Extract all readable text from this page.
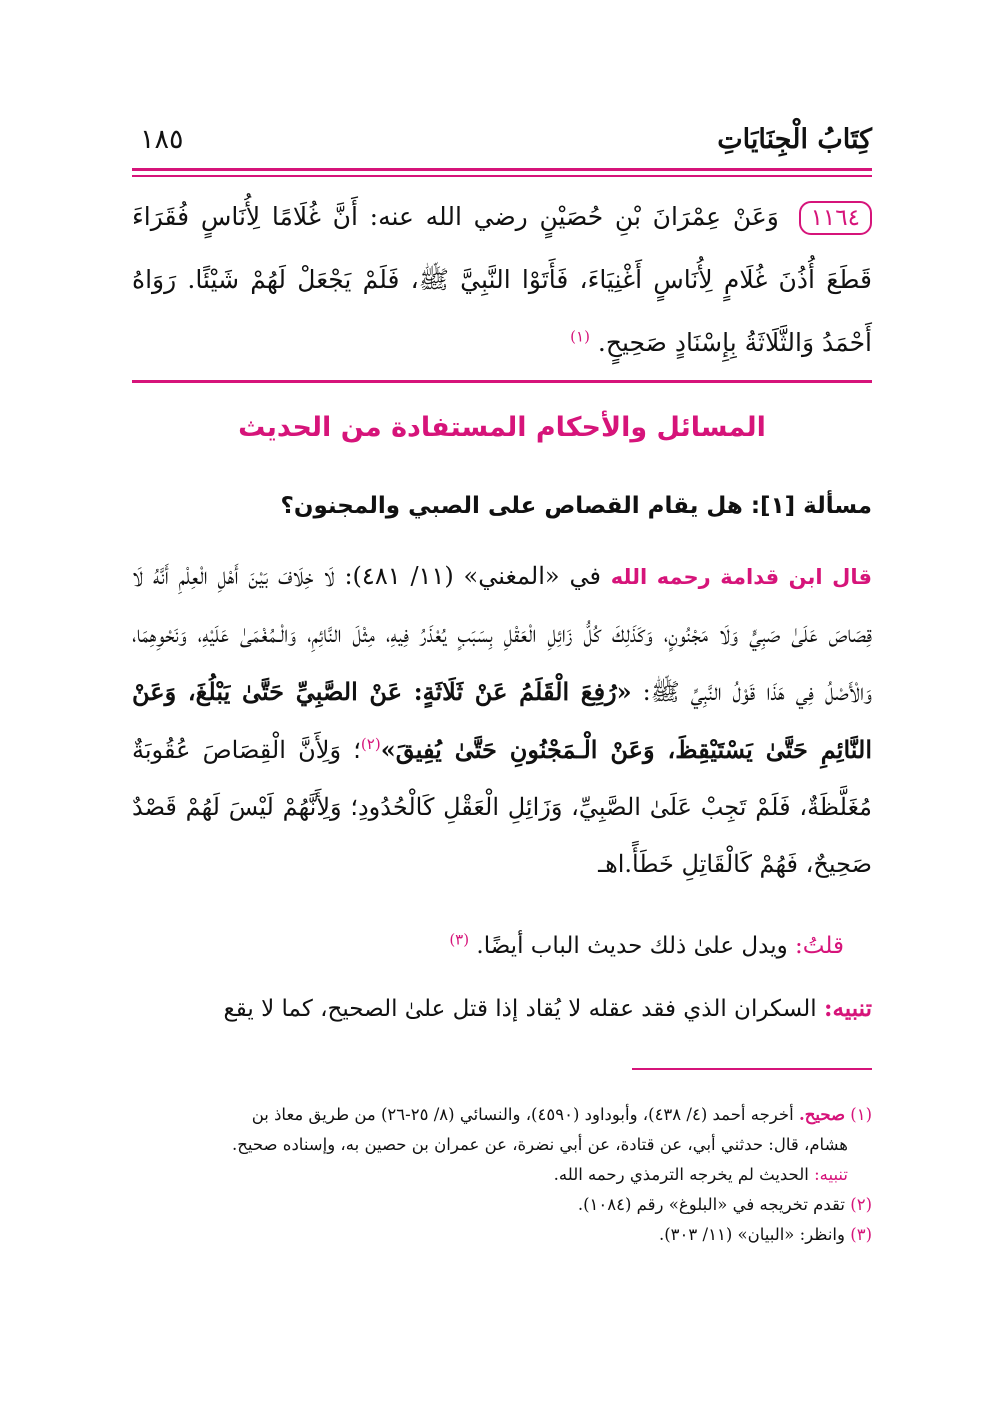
كِتَابُ الْجِنَايَاتِ
١٨٥
١١٦٤ وَعَنْ عِمْرَانَ بْنِ حُصَيْنٍ رضي الله عنه: أَنَّ غُلَامًا لِأُنَاسٍ فُقَرَاءَ قَطَعَ أُذُنَ غُلَامٍ لِأُنَاسٍ أَغْنِيَاءَ، فَأَتَوْا النَّبِيَّ ﷺ، فَلَمْ يَجْعَلْ لَهُمْ شَيْئًا. رَوَاهُ أَحْمَدُ وَالثَّلَاثَةُ بِإِسْنَادٍ صَحِيحٍ. $^{(١)}$
المسائل والأحكام المستفادة من الحديث
مسألة [١]: هل يقام القصاص على الصبي والمجنون؟
قال ابن قدامة رحمه الله في «المغني» (١١/ ٤٨١): لَا خِلَافَ بَيْنَ أَهْلِ الْعِلْمِ أَنَّهُ لَا قِصَاصَ عَلَىٰ صَبِيٍّ وَلَا مَجْنُونٍ، وَكَذَلِكَ كُلُّ زَائِلِ الْعَقْلِ بِسَبَبٍ يُعْذَرُ فِيهِ، مِثْلَ النَّائِمِ، وَالْـمُغْمَىٰ عَلَيْهِ، وَنَحْوِهِمَا، وَالْأَصْلُ فِي هَذَا قَوْلُ النَّبِيِّ ﷺ: «رُفِعَ الْقَلَمُ عَنْ ثَلَاثَةٍ: عَنْ الصَّبِيِّ حَتَّىٰ يَبْلُغَ، وَعَنْ النَّائِمِ حَتَّىٰ يَسْتَيْقِظَ، وَعَنْ الْـمَجْنُونِ حَتَّىٰ يُفِيقَ»$^{(٢)}$؛ وَلِأَنَّ الْقِصَاصَ عُقُوبَةٌ مُغَلَّظَةٌ، فَلَمْ تَجِبْ عَلَىٰ الصَّبِيِّ، وَزَائِلِ الْعَقْلِ كَالْحُدُودِ؛ وَلِأَنَّهُمْ لَيْسَ لَهُمْ قَصْدٌ صَحِيحٌ، فَهُمْ كَالْقَاتِلِ خَطَأً.اهـ
قلتُ: ويدل علىٰ ذلك حديث الباب أيضًا. $^{(٣)}$
تنبيه: السكران الذي فقد عقله لا يُقاد إذا قتل علىٰ الصحيح، كما لا يقع
(١) صحيح. أخرجه أحمد (٤/ ٤٣٨)، وأبوداود (٤٥٩٠)، والنسائي (٨/ ٢٥-٢٦) من طريق معاذ بن
هشام، قال: حدثني أبي، عن قتادة، عن أبي نضرة، عن عمران بن حصين به، وإسناده صحيح.
تنبيه: الحديث لم يخرجه الترمذي رحمه الله.
(٢) تقدم تخريجه في «البلوغ» رقم (١٠٨٤).
(٣) وانظر: «البيان» (١١/ ٣٠٣).
